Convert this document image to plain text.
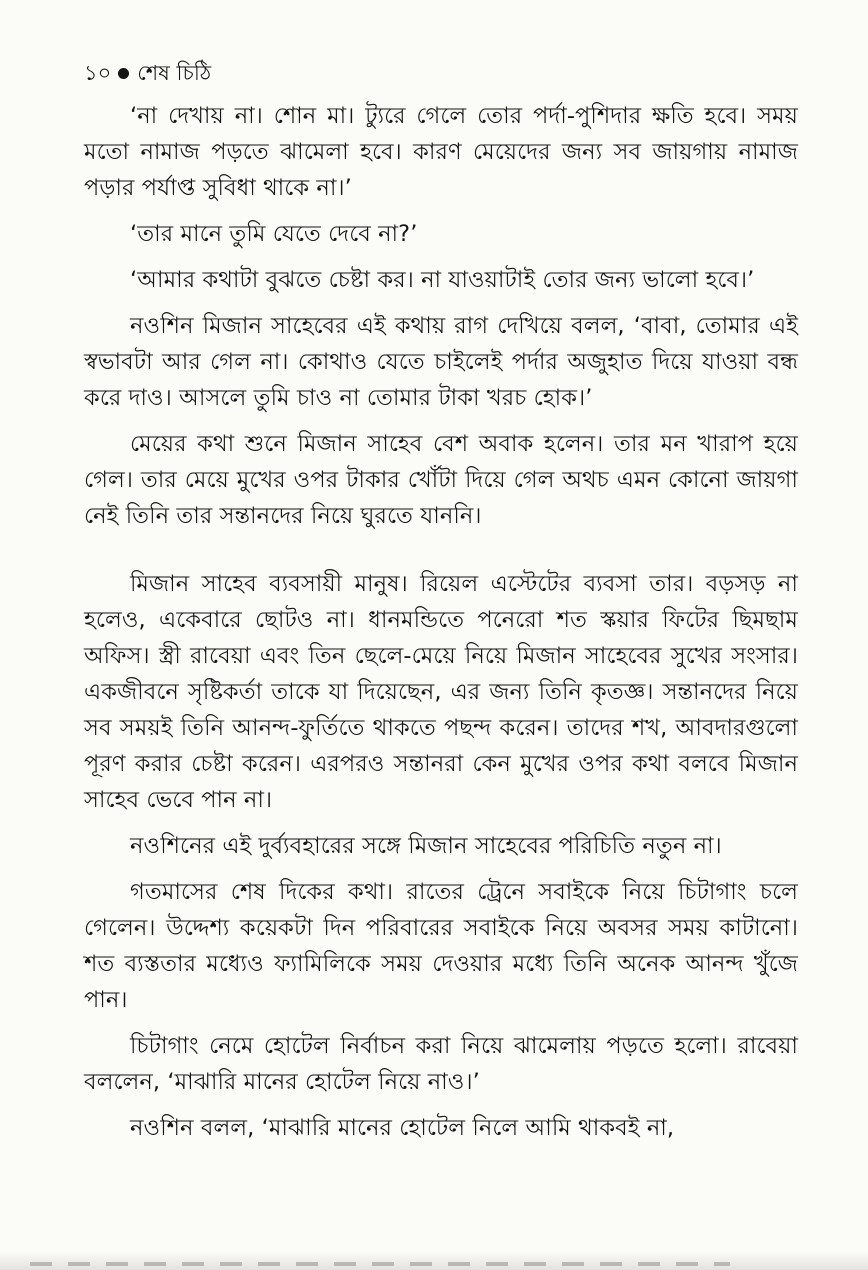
১০ শেষ চিঠি

‘না দেখায় না। শোন মা। ট্যুরে গেলে তোর পর্দা-পুশিদার ক্ষতি হবে। সময় মতো নামাজ পড়তে ঝামেলা হবে। কারণ মেয়েদের জন্য সব জায়গায় নামাজ পড়ার পর্যাপ্ত সুবিধা থাকে না।’

‘তার মানে তুমি যেতে দেবে না?’

‘আমার কথাটা বুঝতে চেষ্টা কর। না যাওয়াটাই তোর জন্য ভালো হবে।’

নওশিন মিজান সাহেবের এই কথায় রাগ দেখিয়ে বলল, ‘বাবা, তোমার এই স্বভাবটা আর গেল না। কোথাও যেতে চাইলেই পর্দার অজুহাত দিয়ে যাওয়া বন্ধ করে দাও। আসলে তুমি চাও না তোমার টাকা খরচ হোক।’

মেয়ের কথা শুনে মিজান সাহেব বেশ অবাক হলেন। তার মন খারাপ হয়ে গেল। তার মেয়ে মুখের ওপর টাকার খোঁটা দিয়ে গেল অথচ এমন কোনো জায়গা নেই তিনি তার সন্তানদের নিয়ে ঘুরতে যাননি।

মিজান সাহেব ব্যবসায়ী মানুষ। রিয়েল এস্টেটের ব্যবসা তার। বড়সড় না হলেও, একেবারে ছোটও না। ধানমন্ডিতে পনেরো শত স্কয়ার ফিটের ছিমছাম অফিস। স্ত্রী রাবেয়া এবং তিন ছেলে-মেয়ে নিয়ে মিজান সাহেবের সুখের সংসার। একজীবনে সৃষ্টিকর্তা তাকে যা দিয়েছেন, এর জন্য তিনি কৃতজ্ঞ। সন্তানদের নিয়ে সব সময়ই তিনি আনন্দ-ফুর্তিতে থাকতে পছন্দ করেন। তাদের শখ, আবদারগুলো পূরণ করার চেষ্টা করেন। এরপরও সন্তানরা কেন মুখের ওপর কথা বলবে মিজান সাহেব ভেবে পান না।

নওশিনের এই দুর্ব্যবহারের সঙ্গে মিজান সাহেবের পরিচিতি নতুন না।

গতমাসের শেষ দিকের কথা। রাতের ট্রেনে সবাইকে নিয়ে চিটাগাং চলে গেলেন। উদ্দেশ্য কয়েকটা দিন পরিবারের সবাইকে নিয়ে অবসর সময় কাটানো। শত ব্যস্ততার মধ্যেও ফ্যামিলিকে সময় দেওয়ার মধ্যে তিনি অনেক আনন্দ খুঁজে পান।

চিটাগাং নেমে হোটেল নির্বাচন করা নিয়ে ঝামেলায় পড়তে হলো। রাবেয়া বললেন, ‘মাঝারি মানের হোটেল নিয়ে নাও।’

নওশিন বলল, ‘মাঝারি মানের হোটেল নিলে আমি থাকবই না,
